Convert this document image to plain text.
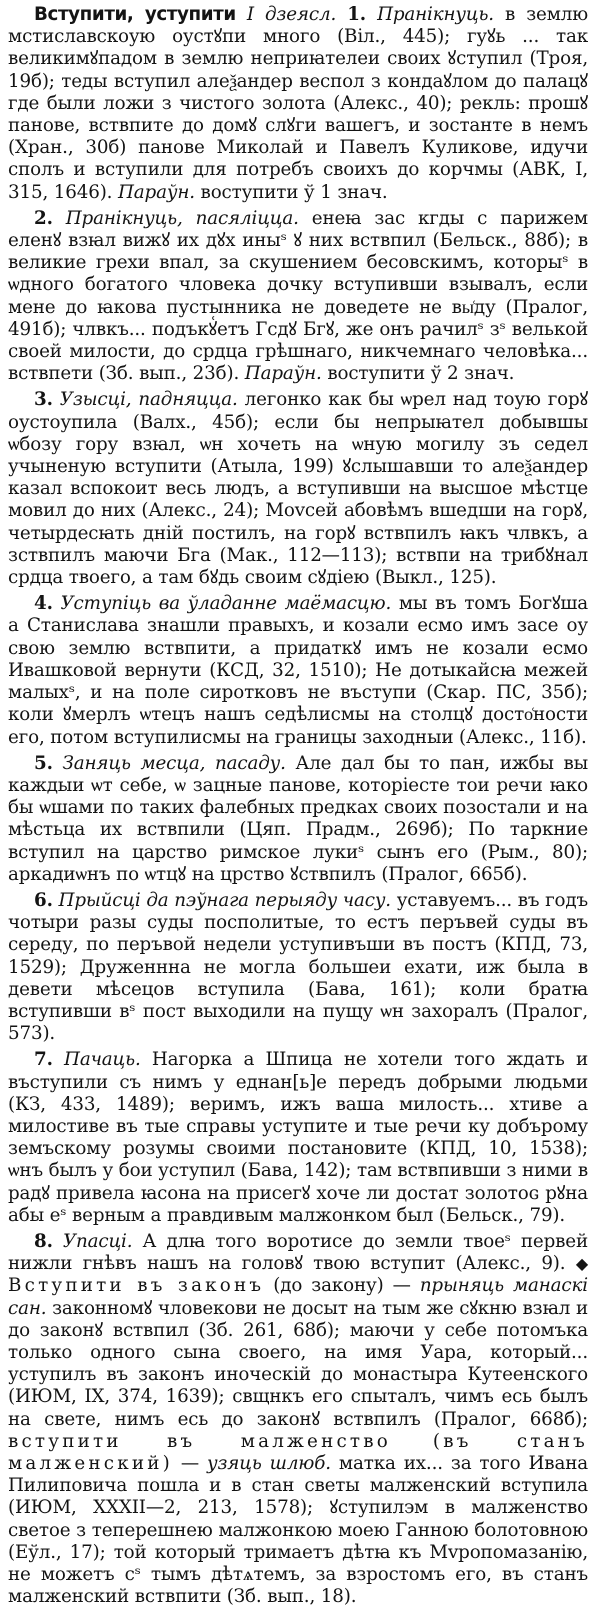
Вступити, уступити I дзеясл. 1. Пранікнуць. в землю мстиславскоую оустꙋпи много (Віл., 445); гуꙋь ... так великимꙋпадом в землю неприꙗтелеи своих ꙋступил (Троя, 19б); теды вступил алеѯандер веспол з кондаꙋлом до палацꙋ где были ложи з чистого золота (Алекс., 40); рекль: прошꙋ панове, вствпите до домꙋ слꙋги вашегъ, и зостанте в немъ (Хран., 30б) панове Миколай и Павелъ Куликове, идучи сполъ и вступили для потребъ своихъ до корчмы (АВК, I, 315, 1646). Параўн. воступити ў 1 знач.

2. Пранікнуць, пасяліцца. енеꙗ зас кгды с парижем еленꙋ взꙗл вижꙋ их дꙋх иныˢ ꙋ них вствпил (Бельск., 88б); в великие грехи впал, за скушением бесовскимъ, которыˢ в ѡдного богатого чловека дочку вступивши взывалъ, если мене до ꙗкова пустынника не доведете не вы͑ду (Пралог, 491б); члвкъ... подъкꙋ͑етъ Гсдꙋ Бгꙋ, же онъ рачилˢ зˢ велькой своей милости, до срдца грѣшнаго, никчемнаго человѣка... вствпети (Зб. вып., 23б). Параўн. воступити ў 2 знач.

3. Узысці, падняцца. легонко как бы ѡрел над тоую горꙋ оустоупила (Валх., 45б); если бы непрыꙗтел добывшы ѡбозу гору взꙗл, ѡн хочеть на ѡную могилу зъ седел учыненую вступити (Атыла, 199) ꙋслышавши то алеѯандер казал вспокоит весь людъ, а вступивши на высшое мѣстце мовил до них (Алекс., 24); Моvсей абовѣмъ вшедши на горꙋ, четырдесꙗть днiй постилъ, на горꙋ вствпилъ ꙗкъ члвкъ, а зствпилъ маючи Бга (Мак., 112—113); вствпи на трибꙋнал срдца твоего, а там бꙋдь своим сꙋдiею (Выкл., 125).

4. Уступіць ва ўладанне маёмасцю. мы въ томъ Богꙋша а Станислава знашли правыхъ, и козали есмо имъ засе оу свою землю вствпити, а придаткꙋ имъ не козали есмо Ивашковой вернути (КСД, 32, 1510); Не дотыкайсꙗ межей малыхˢ, и на поле сиротковъ не въступи (Скар. ПС, 35б); коли ꙋмерлъ ѡтецъ нашъ седѣлисмы на столцꙋ досто͑ности его, потом вступилисмы на границы заходныи (Алекс., 11б).

5. Заняць месца, пасаду. Але дал бы то пан, ижбы вы каждыи ѡт себе, ѡ зацные панове, которіесте тои речи ꙗко бы ѡшами по таких фалебных предках своих позостали и на мѣстьца их вствпили (Цяп. Прадм., 269б); По таркние вступил на царство римское лукиˢ сынъ его (Рым., 80); аркадиѡнъ по ѡтцꙋ на црство ꙋствпилъ (Пралог, 665б).

6. Прыйсці да пэўнага перыяду часу. уставуемъ... въ годъ чотыри разы суды посполитые, то естъ перъвей суды въ середу, по перъвой недели уступивъши въ постъ (КПД, 73, 1529); Друженнна не могла большеи ехати, иж была в девети мѣсецов вступила (Бава, 161); коли братꙗ вступивши вˢ пост выходили на пущу ѡн захоралъ (Пралог, 573).

7. Пачаць. Нагорка а Шпица не хотели того ждать и въступили съ нимъ у еднан[ь]е передъ добрыми людьми (КЗ, 433, 1489); веримъ, ижъ ваша милость... хтиве а милостиве въ тые справы уступите и тые речи ку добърому земъскому розумы своими постановите (КПД, 10, 1538); ѡнъ былъ у бои уступил (Бава, 142); там вствпивши з ними в радꙋ привела ꙗсона на присегꙋ хоче ли достат золотоɢ рꙋна абы еˢ верным а правдивым малжонком был (Бельск., 79).

8. Упасці. А длꙗ того воротисе до земли твоеˢ первей нижли гнѣвъ нашъ на головꙋ твою вступит (Алекс., 9). ◆ Вступити въ законъ (до закону) — прыняць манаскі сан. законномꙋ чловекови не досыт на тым же сꙋкню взꙗл и до законꙋ вствпил (Зб. 261, 68б); маючи у себе потомъка только одного сына своего, на имя Уара, который... уступилъ въ законъ иноческій до монастыра Кутеенского (ИЮМ, IX, 374, 1639); свщнкъ его спыталъ, чимъ есь былъ на свете, нимъ есь до законꙋ вствпилъ (Пралог, 668б); вступити въ малженство (въ станъ малженский) — узяць шлюб. матка их... за того Ивана Пилиповича пошла и в стан светы малженский вступила (ИЮМ, XXXII—2, 213, 1578); ꙋступилэм в малженство светое з теперешнею малжонкою моею Ганною болотовною (Еўл., 17); той который тримаетъ дѣтꙗ къ Мvропомазанію, не можетъ сˢ тымъ дѣтѧтемъ, за взростомъ его, въ станъ малженский вствпити (Зб. вып., 18).
